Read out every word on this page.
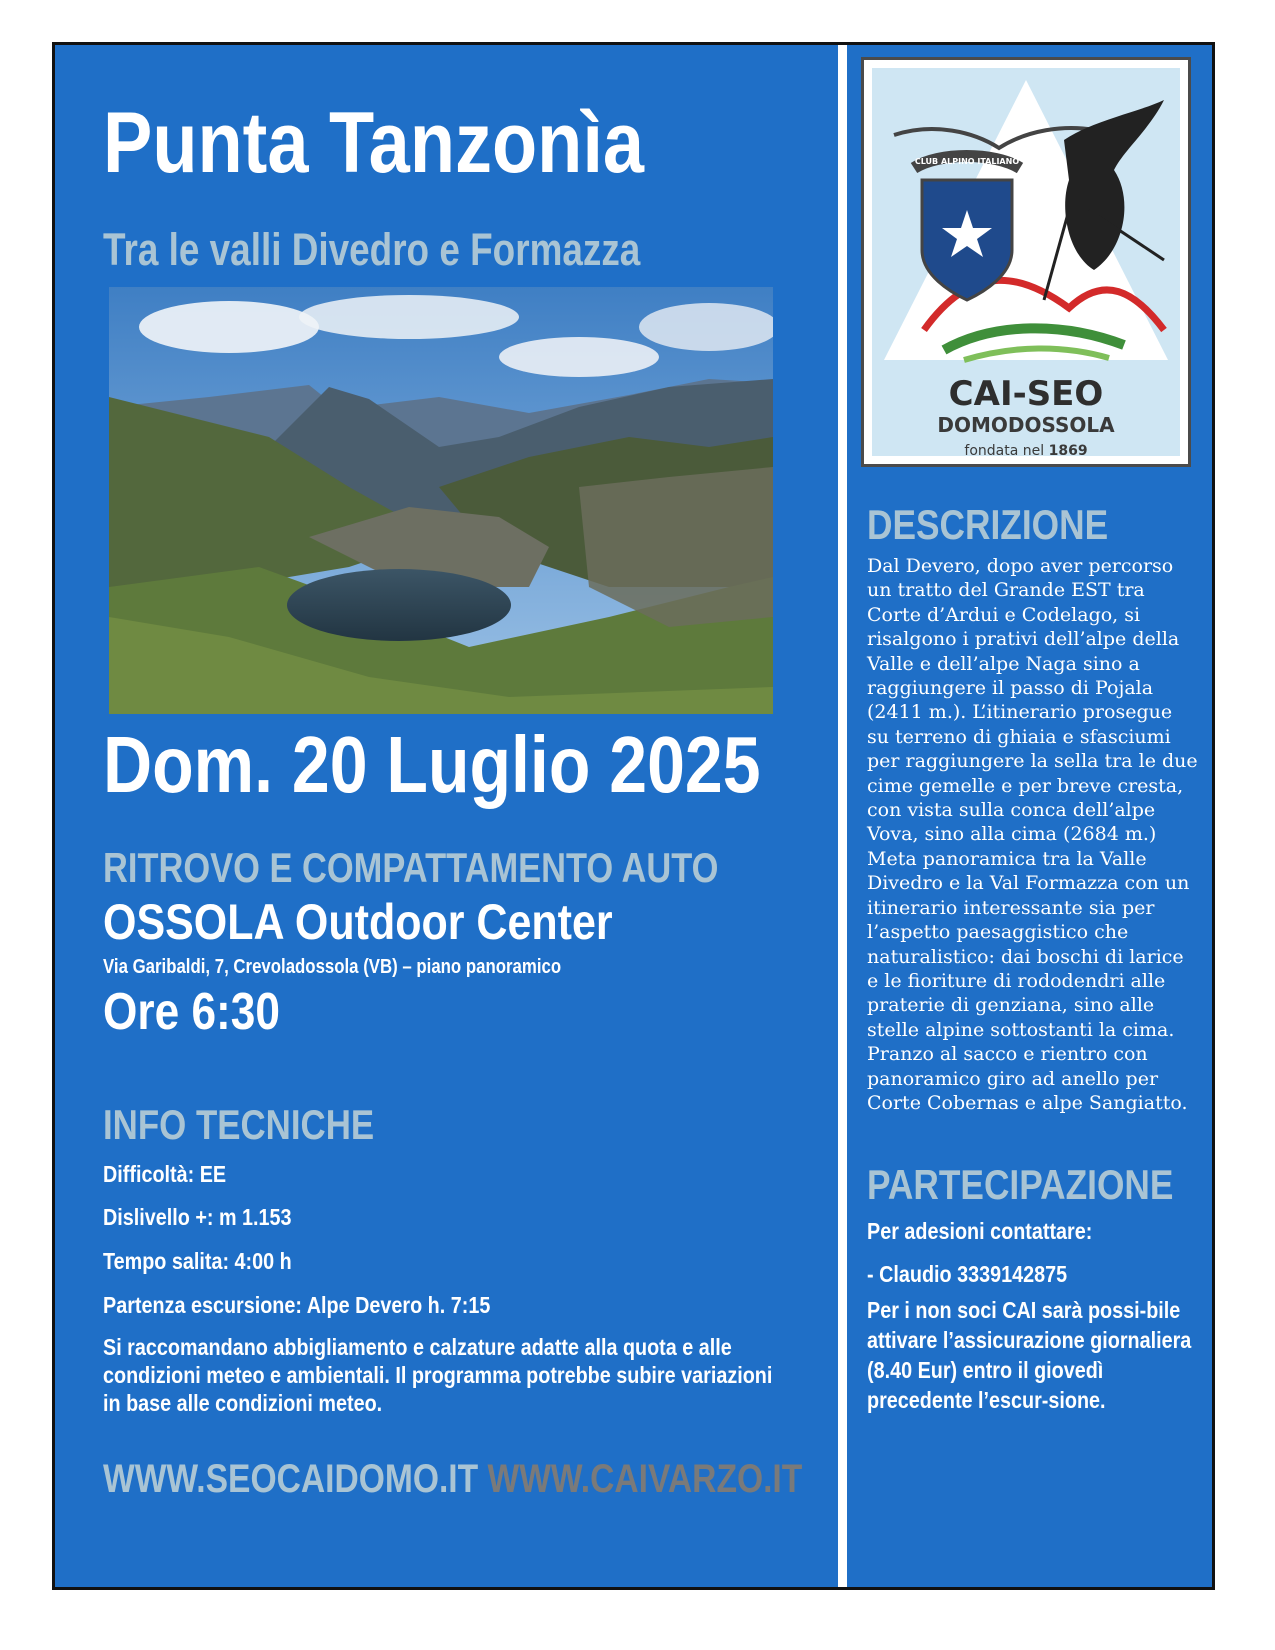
Punta Tanzonìa
Tra le valli Divedro e Formazza
Dom. 20 Luglio 2025
RITROVO E COMPATTAMENTO AUTO
OSSOLA Outdoor Center
Via Garibaldi, 7, Crevoladossola (VB) – piano panoramico
Ore 6:30
INFO TECNICHE
Difficoltà: EE
Dislivello +: m 1.153
Tempo salita: 4:00 h
Partenza escursione: Alpe Devero h. 7:15
Si raccomandano abbigliamento e calzature adatte alla quota e alle condizioni meteo e ambientali. Il programma potrebbe subire variazioni in base alle condizioni meteo.
WWW.SEOCAIDOMO.IT WWW.CAIVARZO.IT
CAI-SEO
DOMODOSSOLA
fondata nel 1869
CLUB ALPINO ITALIANO
DESCRIZIONE
Dal Devero, dopo aver percorso
un tratto del Grande EST tra
Corte d’Ardui e Codelago, si
risalgono i prativi dell’alpe della
Valle e dell’alpe Naga sino a
raggiungere il passo di Pojala
(2411 m.). L’itinerario prosegue
su terreno di ghiaia e sfasciumi
per raggiungere la sella tra le due
cime gemelle e per breve cresta,
con vista sulla conca dell’alpe
Vova, sino alla cima (2684 m.)
Meta panoramica tra la Valle
Divedro e la Val Formazza con un
itinerario interessante sia per
l’aspetto paesaggistico che
naturalistico: dai boschi di larice
e le fioriture di rododendri alle
praterie di genziana, sino alle
stelle alpine sottostanti la cima.
Pranzo al sacco e rientro con
panoramico giro ad anello per
Corte Cobernas e alpe Sangiatto.
PARTECIPAZIONE
Per adesioni contattare:
- Claudio 3339142875
Per i non soci CAI sarà possi-bile attivare l’assicurazione giornaliera (8.40 Eur) entro il giovedì precedente l’escur-sione.
